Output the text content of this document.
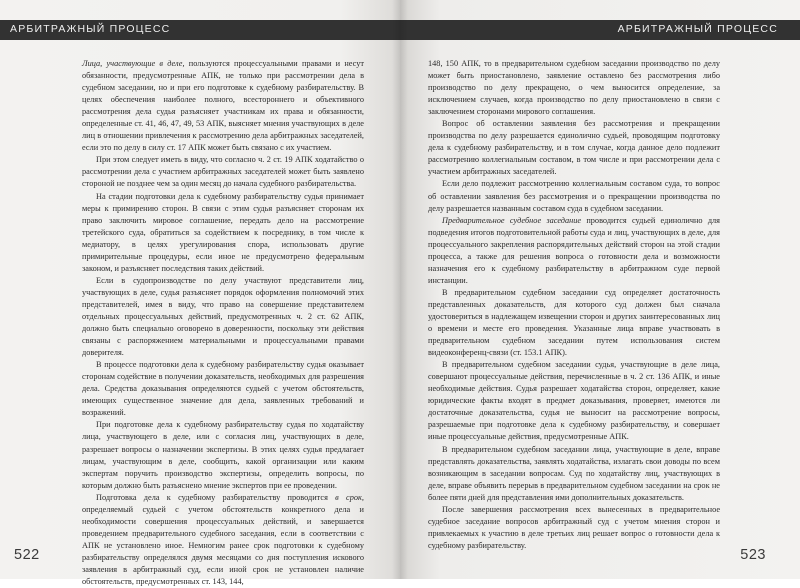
АРБИТРАЖНЫЙ ПРОЦЕСС

Лица, участвующие в деле, пользуются процессуальными правами и несут обязанности, предусмотренные АПК, не только при рассмотрении дела в судебном заседании, но и при его подготовке к судебному разбирательству. В целях обеспечения наиболее полного, всестороннего и объективного рассмотрения дела судья разъясняет участникам их права и обязанности, определенные ст. 41, 46, 47, 49, 53 АПК, выясняет мнения участвующих в деле лиц в отношении привлечения к рассмотрению дела арбитражных заседателей, если это по делу в силу ст. 17 АПК может быть связано с их участием.

При этом следует иметь в виду, что согласно ч. 2 ст. 19 АПК ходатайство о рассмотрении дела с участием арбитражных заседателей может быть заявлено стороной не позднее чем за один месяц до начала судебного разбирательства.

На стадии подготовки дела к судебному разбирательству судья принимает меры к примирению сторон. В связи с этим судья разъясняет сторонам их право заключить мировое соглашение, передать дело на рассмотрение третейского суда, обратиться за содействием к посреднику, в том числе к медиатору, в целях урегулирования спора, использовать другие примирительные процедуры, если иное не предусмотрено федеральным законом, и разъясняет последствия таких действий.

Если в судопроизводстве по делу участвуют представители лиц, участвующих в деле, судья разъясняет порядок оформления полномочий этих представителей, имея в виду, что право на совершение представителем отдельных процессуальных действий, предусмотренных ч. 2 ст. 62 АПК, должно быть специально оговорено в доверенности, поскольку эти действия связаны с распоряжением материальными и процессуальными правами доверителя.

В процессе подготовки дела к судебному разбирательству судья оказывает сторонам содействие в получении доказательств, необходимых для разрешения дела. Средства доказывания определяются судьей с учетом обстоятельств, имеющих существенное значение для дела, заявленных требований и возражений.

При подготовке дела к судебному разбирательству судья по ходатайству лица, участвующего в деле, или с согласия лиц, участвующих в деле, разрешает вопросы о назначении экспертизы. В этих целях судья предлагает лицам, участвующим в деле, сообщить, какой организации или каким экспертам поручить производство экспертизы, определить вопросы, по которым должно быть разъяснено мнение экспертов при ее проведении.

Подготовка дела к судебному разбирательству проводится в срок, определяемый судьей с учетом обстоятельств конкретного дела и необходимости совершения процессуальных действий, и завершается проведением предварительного судебного заседания, если в соответствии с АПК не установлено иное. Немногим ранее срок подготовки к судебному разбирательству определялся двумя месяцами со дня поступления искового заявления в арбитражный суд, если иной срок не установлен наличие обстоятельств, предусмотренных ст. 143, 144,

522
АРБИТРАЖНЫЙ ПРОЦЕСС

148, 150 АПК, то в предварительном судебном заседании производство по делу может быть приостановлено, заявление оставлено без рассмотрения либо производство по делу прекращено, о чем выносится определение, за исключением случаев, когда производство по делу приостановлено в связи с заключением сторонами мирового соглашения.

Вопрос об оставлении заявления без рассмотрения и прекращении производства по делу разрешается единолично судьей, проводящим подготовку дела к судебному разбирательству, и в том случае, когда данное дело подлежит рассмотрению коллегиальным составом, в том числе и при рассмотрении дела с участием арбитражных заседателей.

Если дело подлежит рассмотрению коллегиальным составом суда, то вопрос об оставлении заявления без рассмотрения и о прекращении производства по делу разрешается названным составом суда в судебном заседании.

Предварительное судебное заседание проводится судьей единолично для подведения итогов подготовительной работы суда и лиц, участвующих в деле, для процессуального закрепления распорядительных действий сторон на этой стадии процесса, а также для решения вопроса о готовности дела и возможности назначения его к судебному разбирательству в арбитражном суде первой инстанции.

В предварительном судебном заседании суд определяет достаточность представленных доказательств, для которого суд должен был сначала удостовериться в надлежащем извещении сторон и других заинтересованных лиц о времени и месте его проведения. Указанные лица вправе участвовать в предварительном судебном заседании путем использования систем видеоконференц-связи (ст. 153.1 АПК).

В предварительном судебном заседании судья, участвующие в деле лица, совершают процессуальные действия, перечисленные в ч. 2 ст. 136 АПК, и иные необходимые действия. Судья разрешает ходатайства сторон, определяет, какие юридические факты входят в предмет доказывания, проверяет, имеются ли достаточные доказательства, судья не выносит на рассмотрение вопросы, разрешаемые при подготовке дела к судебному разбирательству, и совершает иные процессуальные действия, предусмотренные АПК.

В предварительном судебном заседании лица, участвующие в деле, вправе представлять доказательства, заявлять ходатайства, излагать свои доводы по всем возникающим в заседании вопросам. Суд по ходатайству лиц, участвующих в деле, вправе объявить перерыв в предварительном судебном заседании на срок не более пяти дней для представления ими дополнительных доказательств.

После завершения рассмотрения всех вынесенных в предварительное судебное заседание вопросов арбитражный суд с учетом мнения сторон и привлекаемых к участию в деле третьих лиц решает вопрос о готовности дела к судебному разбирательству.

523
